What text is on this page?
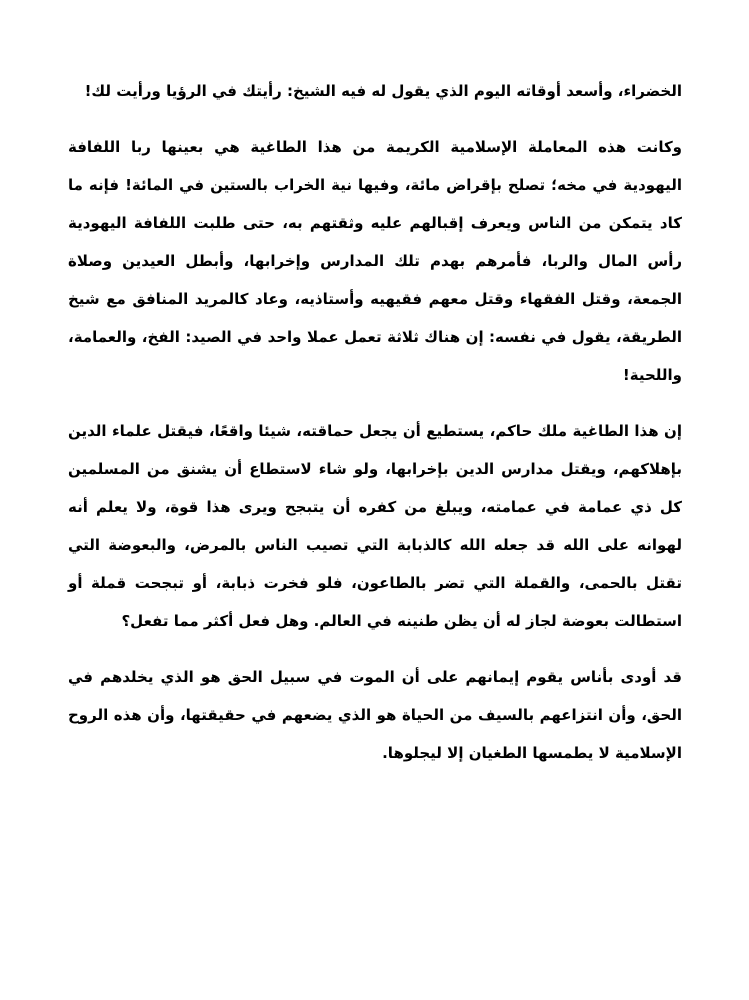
الخضراء، وأسعد أوقاته اليوم الذي يقول له فيه الشيخ: رأيتك في الرؤيا ورأيت لك!

وكانت هذه المعاملة الإسلامية الكريمة من هذا الطاغية هي بعينها ربا اللفافة اليهودية في مخه؛ تصلح بإقراض مائة، وفيها نية الخراب بالستين في المائة! فإنه ما كاد يتمكن من الناس ويعرف إقبالهم عليه وثقتهم به، حتى طلبت اللفافة اليهودية رأس المال والربا، فأمرهم بهدم تلك المدارس وإخرابها، وأبطل العيدين وصلاة الجمعة، وقتل الفقهاء وقتل معهم فقيهيه وأستاذيه، وعاد كالمريد المنافق مع شيخ الطريقة، يقول في نفسه: إن هناك ثلاثة تعمل عملا واحد في الصيد: الفخ، والعمامة، واللحية!

إن هذا الطاغية ملك حاكم، يستطيع أن يجعل حماقته، شيئا واقعًا، فيقتل علماء الدين بإهلاكهم، ويقتل مدارس الدين بإخرابها، ولو شاء لاستطاع أن يشنق من المسلمين كل ذي عمامة في عمامته، ويبلغ من كفره أن يتبجح ويرى هذا قوة، ولا يعلم أنه لهوانه على الله قد جعله الله كالذبابة التي تصيب الناس بالمرض، والبعوضة التي تقتل بالحمى، والقملة التي تضر بالطاعون، فلو فخرت ذبابة، أو تبجحت قملة أو استطالت بعوضة لجاز له أن يظن طنينه في العالم. وهل فعل أكثر مما تفعل؟

قد أودى بأناس يقوم إيمانهم على أن الموت في سبيل الحق هو الذي يخلدهم في الحق، وأن انتزاعهم بالسيف من الحياة هو الذي يضعهم في حقيقتها، وأن هذه الروح الإسلامية لا يطمسها الطغيان إلا ليجلوها.
